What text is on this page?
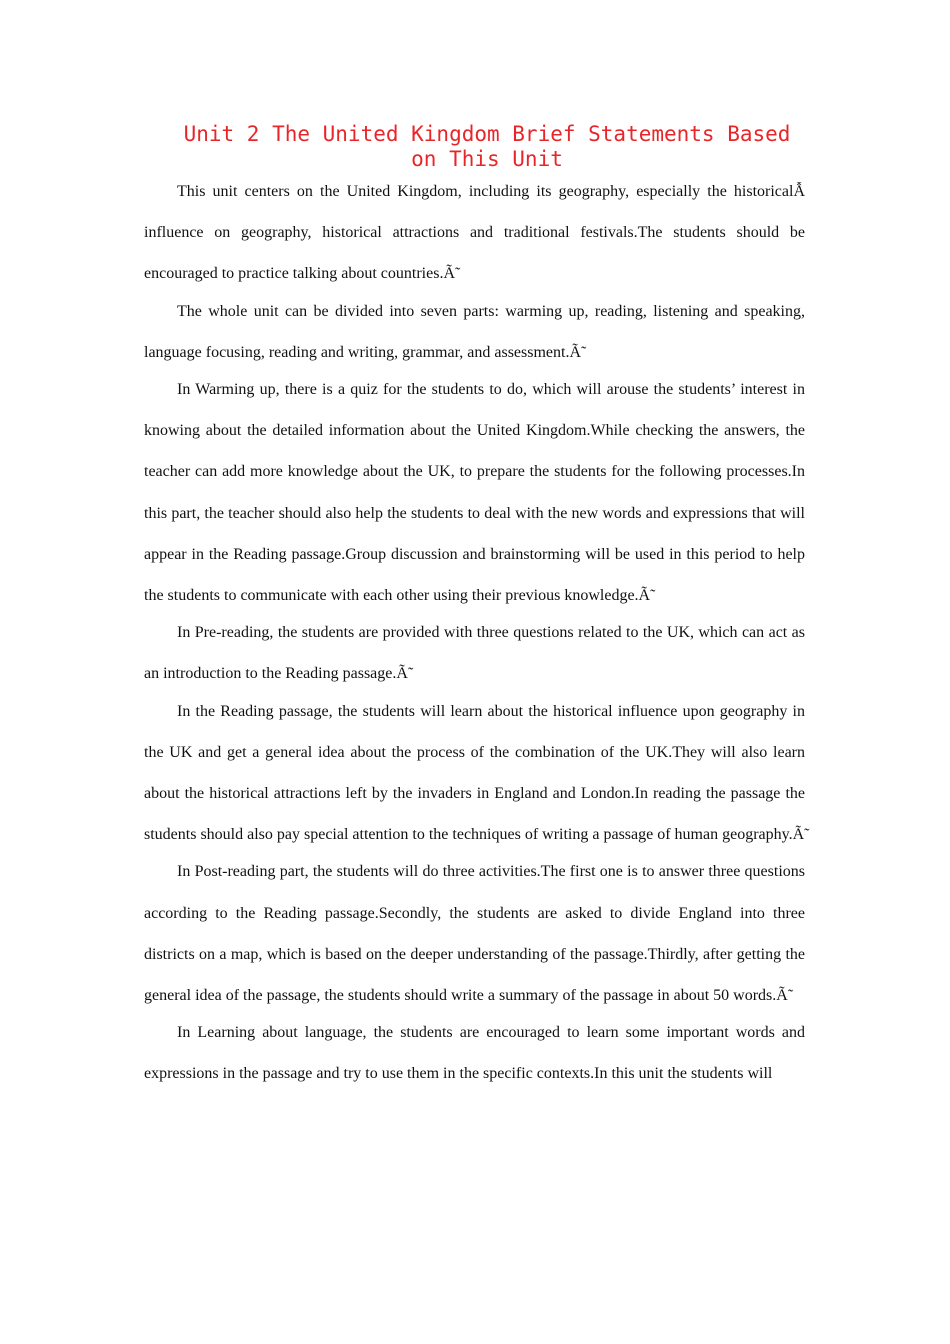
Unit 2 The United Kingdom Brief Statements Based on This Unit

This unit centers on the United Kingdom, including its geography, especially the historicalẪ influence on geography, historical attractions and traditional festivals.The students should be encouraged to practice talking about countries.Ã̃

The whole unit can be divided into seven parts: warming up, reading, listening and speaking, language focusing, reading and writing, grammar, and assessment.Ã̃

In Warming up, there is a quiz for the students to do, which will arouse the students’ interest in knowing about the detailed information about the United Kingdom.While checking the answers, the teacher can add more knowledge about the UK, to prepare the students for the following processes.In this part, the teacher should also help the students to deal with the new words and expressions that will appear in the Reading passage.Group discussion and brainstorming will be used in this period to help the students to communicate with each other using their previous knowledge.Ã̃

In Pre-reading, the students are provided with three questions related to the UK, which can act as an introduction to the Reading passage.Ã̃

In the Reading passage, the students will learn about the historical influence upon geography in the UK and get a general idea about the process of the combination of the UK.They will also learn about the historical attractions left by the invaders in England and London.In reading the passage the students should also pay special attention to the techniques of writing a passage of human geography.Ã̃

In Post-reading part, the students will do three activities.The first one is to answer three questions according to the Reading passage.Secondly, the students are asked to divide England into three districts on a map, which is based on the deeper understanding of the passage.Thirdly, after getting the general idea of the passage, the students should write a summary of the passage in about 50 words.Ã̃

In Learning about language, the students are encouraged to learn some important words and expressions in the passage and try to use them in the specific contexts.In this unit the students will
